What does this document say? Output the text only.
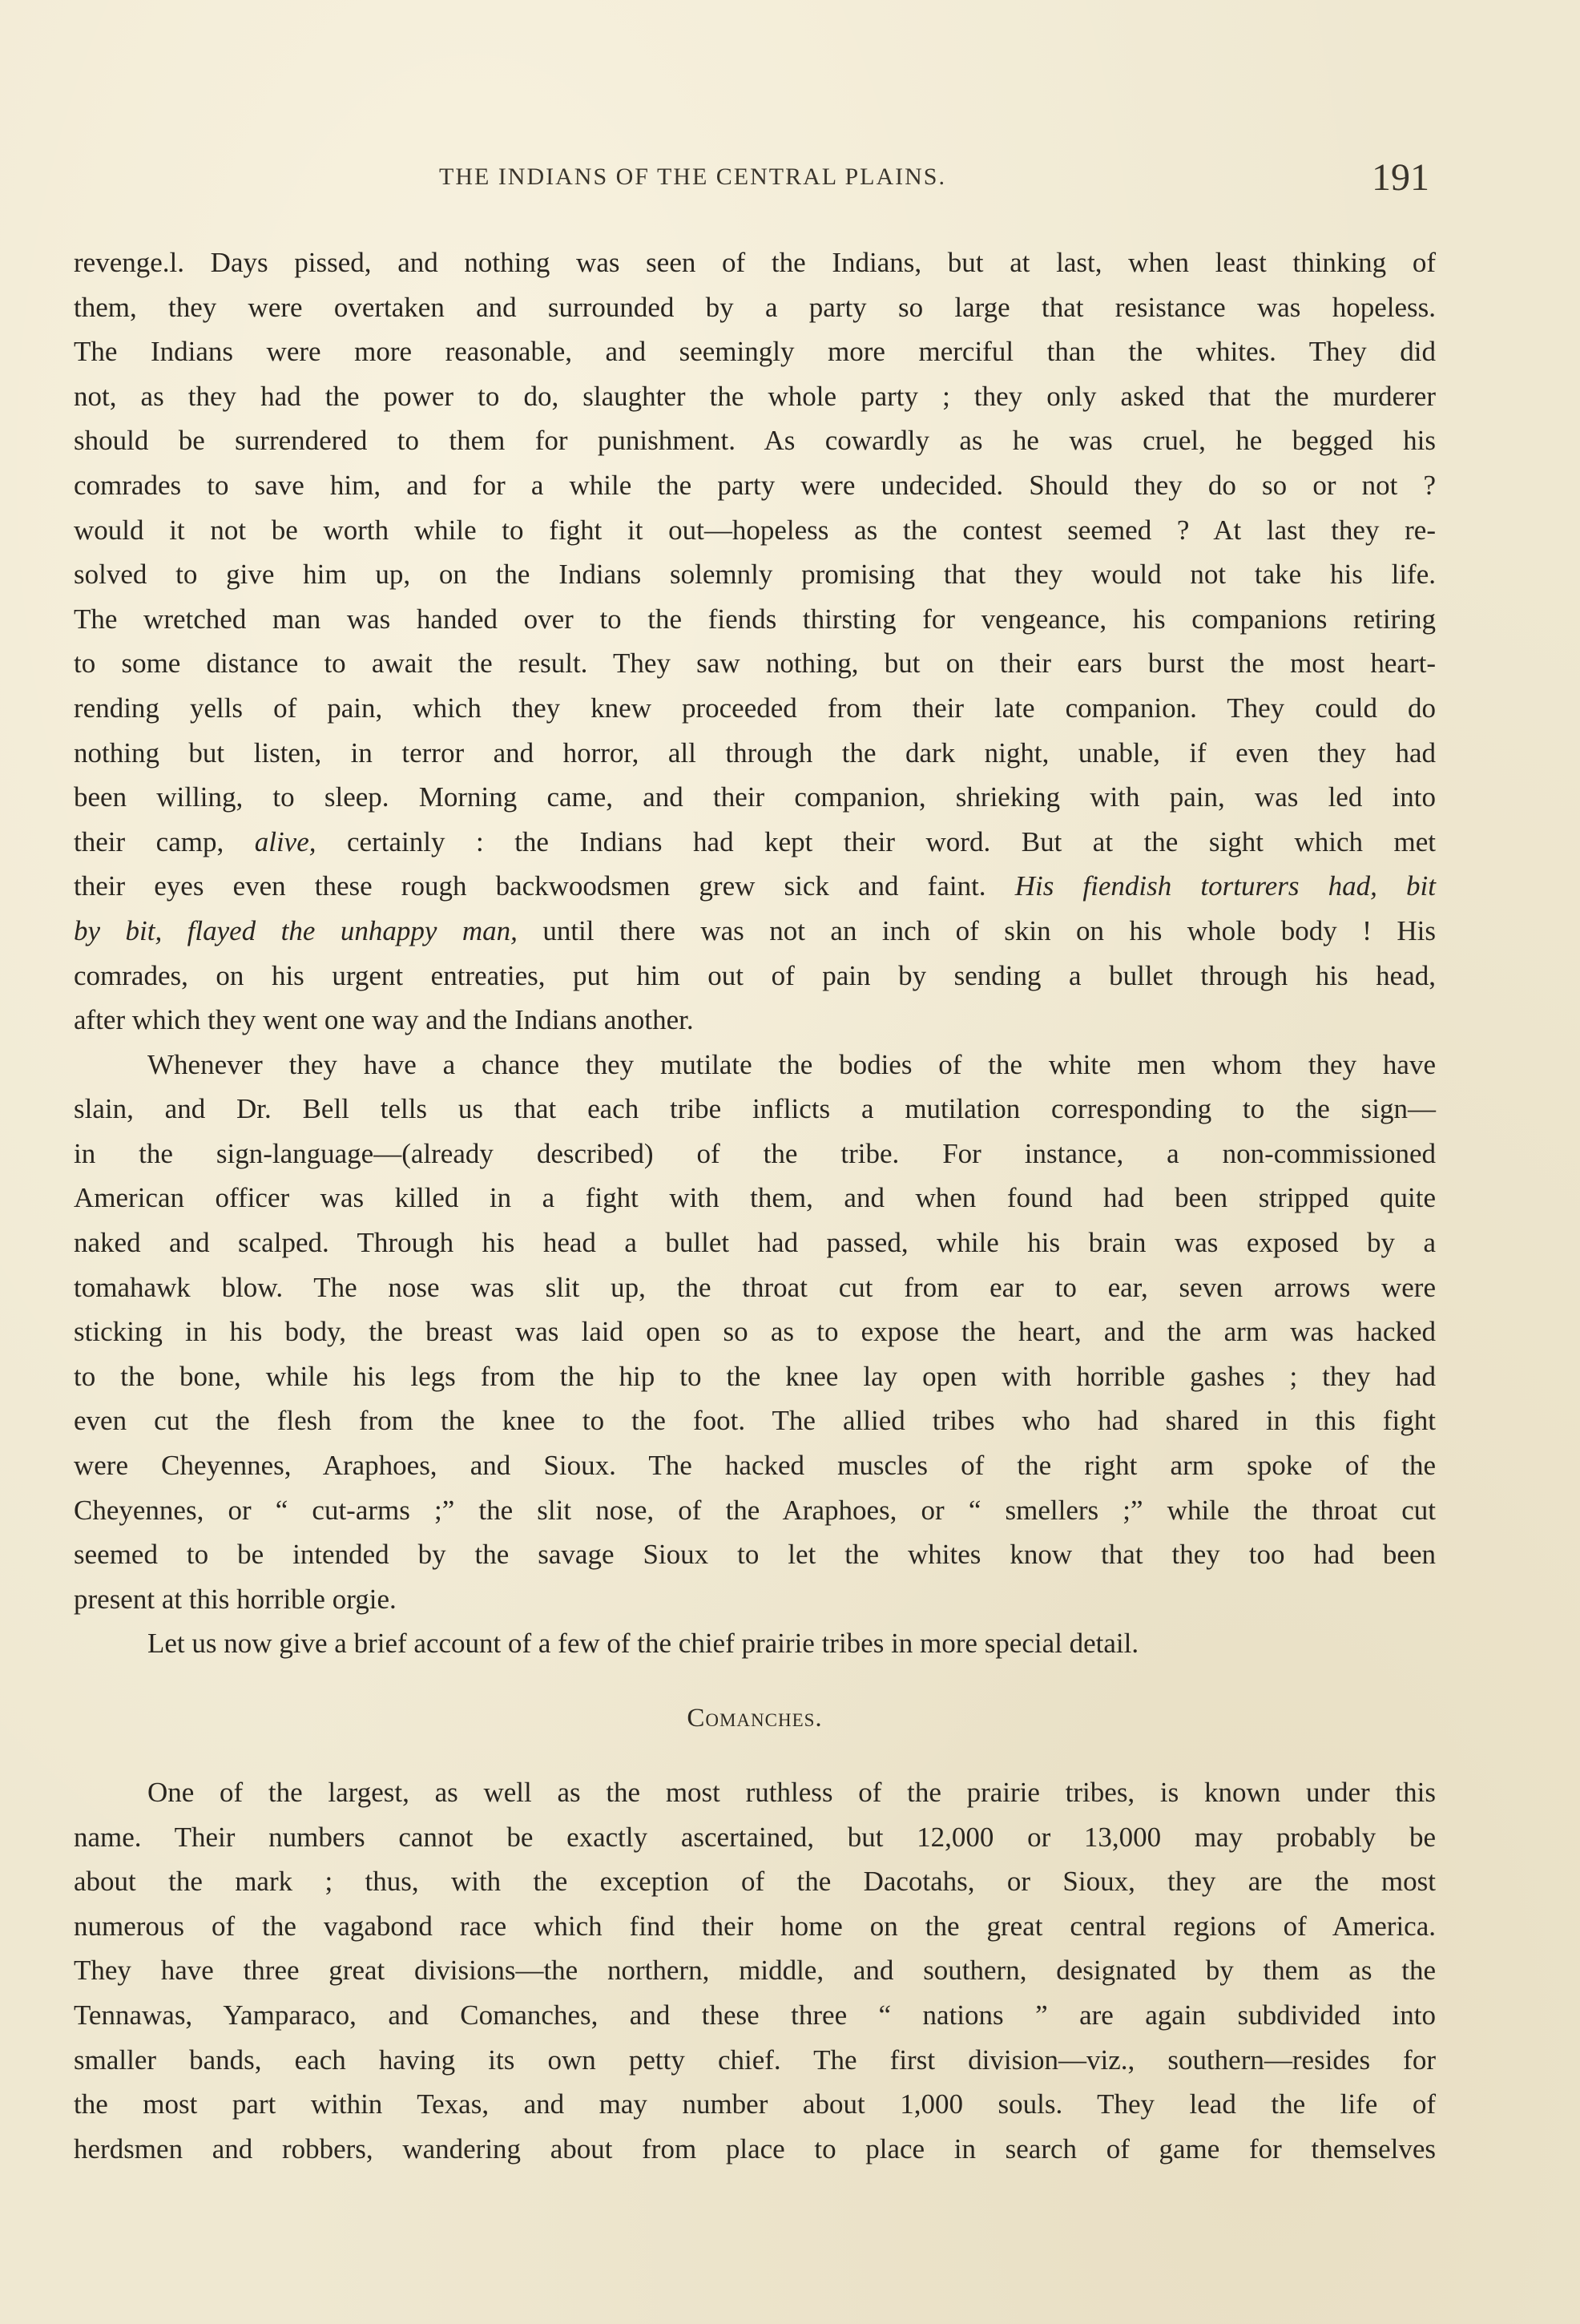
THE INDIANS OF THE CENTRAL PLAINS.	191
revenge.l. Days pissed, and nothing was seen of the Indians, but at last, when least thinking of
them, they were overtaken and surrounded by a party so large that resistance was hopeless.
The Indians were more reasonable, and seemingly more merciful than the whites. They did
not, as they had the power to do, slaughter the whole party ; they only asked that the murderer
should be surrendered to them for punishment. As cowardly as he was cruel, he begged his
comrades to save him, and for a while the party were undecided. Should they do so or not ?
would it not be worth while to fight it out—hopeless as the contest seemed ? At last they re-
solved to give him up, on the Indians solemnly promising that they would not take his life.
The wretched man was handed over to the fiends thirsting for vengeance, his companions retiring
to some distance to await the result. They saw nothing, but on their ears burst the most heart-
rending yells of pain, which they knew proceeded from their late companion. They could do
nothing but listen, in terror and horror, all through the dark night, unable, if even they had
been willing, to sleep. Morning came, and their companion, shrieking with pain, was led into
their camp, alive, certainly : the Indians had kept their word. But at the sight which met
their eyes even these rough backwoodsmen grew sick and faint. His fiendish torturers had, bit
by bit, flayed the unhappy man, until there was not an inch of skin on his whole body ! His
comrades, on his urgent entreaties, put him out of pain by sending a bullet through his head,
after which they went one way and the Indians another.
Whenever they have a chance they mutilate the bodies of the white men whom they have
slain, and Dr. Bell tells us that each tribe inflicts a mutilation corresponding to the sign—
in the sign-language—(already described) of the tribe. For instance, a non-commissioned
American officer was killed in a fight with them, and when found had been stripped quite
naked and scalped. Through his head a bullet had passed, while his brain was exposed by a
tomahawk blow. The nose was slit up, the throat cut from ear to ear, seven arrows were
sticking in his body, the breast was laid open so as to expose the heart, and the arm was hacked
to the bone, while his legs from the hip to the knee lay open with horrible gashes ; they had
even cut the flesh from the knee to the foot. The allied tribes who had shared in this fight
were Cheyennes, Araphoes, and Sioux. The hacked muscles of the right arm spoke of the
Cheyennes, or “ cut-arms ;” the slit nose, of the Araphoes, or “ smellers ;” while the throat cut
seemed to be intended by the savage Sioux to let the whites know that they too had been
present at this horrible orgie.
Let us now give a brief account of a few of the chief prairie tribes in more special detail.
Comanches.
One of the largest, as well as the most ruthless of the prairie tribes, is known under this
name. Their numbers cannot be exactly ascertained, but 12,000 or 13,000 may probably be
about the mark ; thus, with the exception of the Dacotahs, or Sioux, they are the most
numerous of the vagabond race which find their home on the great central regions of America.
They have three great divisions—the northern, middle, and southern, designated by them as the
Tennawas, Yamparaco, and Comanches, and these three “ nations ” are again subdivided into
smaller bands, each having its own petty chief. The first division—viz., southern—resides for
the most part within Texas, and may number about 1,000 souls. They lead the life of
herdsmen and robbers, wandering about from place to place in search of game for themselves
